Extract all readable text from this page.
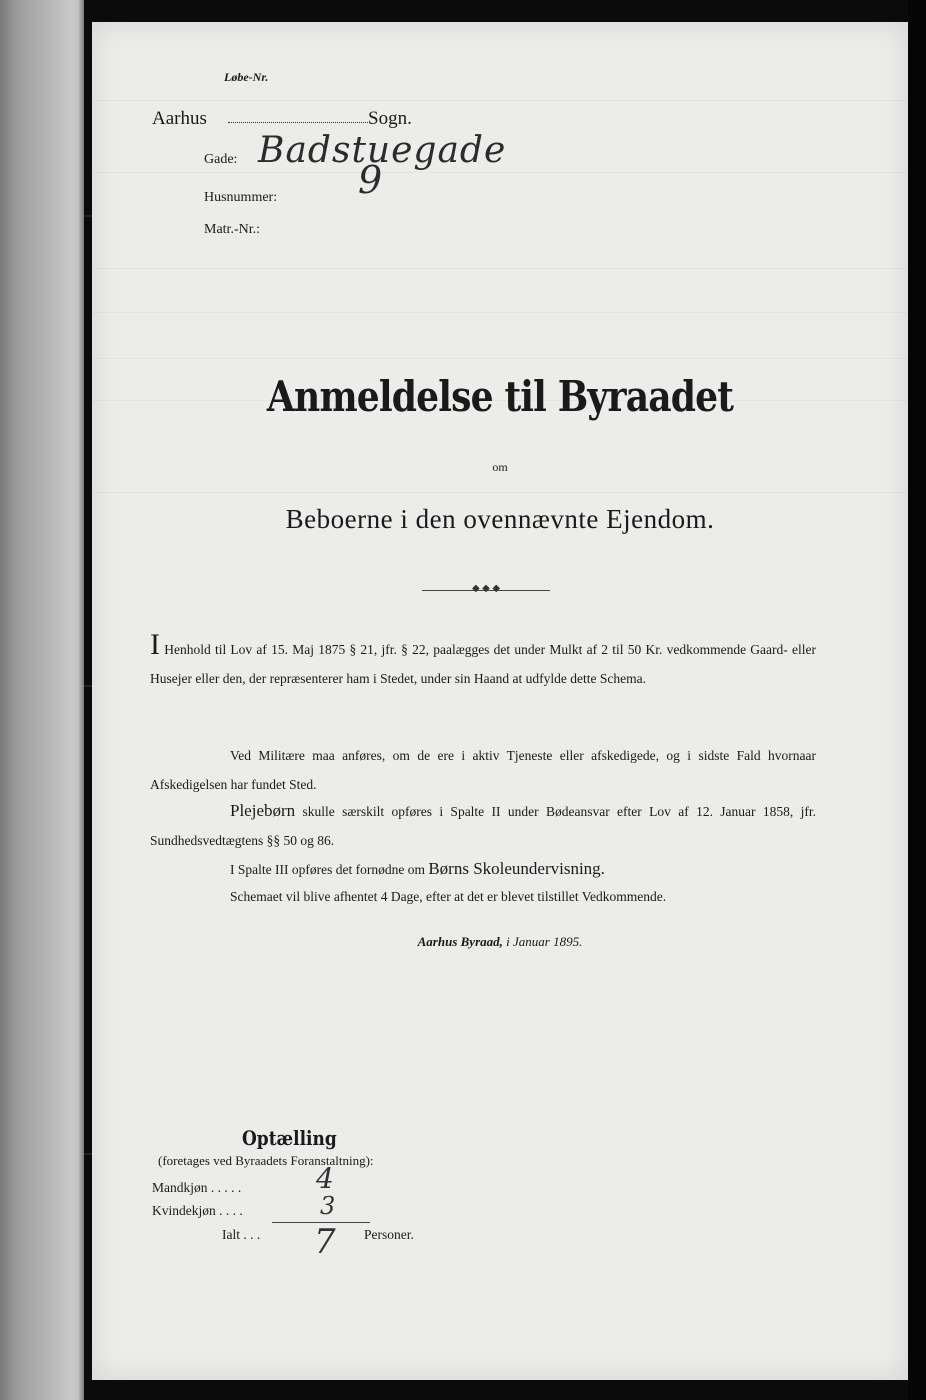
Løbe-Nr.
Aarhus	Sogn.
Gade: Badstuegade
Husnummer: 9
Matr.-Nr.:
Anmeldelse til Byraadet
om
Beboerne i den ovennævnte Ejendom.
◆ ◆ ◆
I Henhold til Lov af 15. Maj 1875 § 21, jfr. § 22, paalægges det under Mulkt af 2 til 50 Kr. vedkommende Gaard- eller Husejer eller den, der repræsenterer ham i Stedet, under sin Haand at udfylde dette Schema.
Ved Militære maa anføres, om de ere i aktiv Tjeneste eller afskedigede, og i sidste Fald hvornaar Afskedigelsen har fundet Sted.
Plejebørn skulle særskilt opføres i Spalte II under Bødeansvar efter Lov af 12. Januar 1858, jfr. Sundhedsvedtægtens §§ 50 og 86.
I Spalte III opføres det fornødne om Børns Skoleundervisning.
Schemaet vil blive afhentet 4 Dage, efter at det er blevet tilstillet Vedkommende.
Aarhus Byraad, i Januar 1895.
Optælling
(foretages ved Byraadets Foranstaltning):
Mandkjøn . . . . .	4
Kvindekjøn . . . .	3
Ialt . . . 7 Personer.
